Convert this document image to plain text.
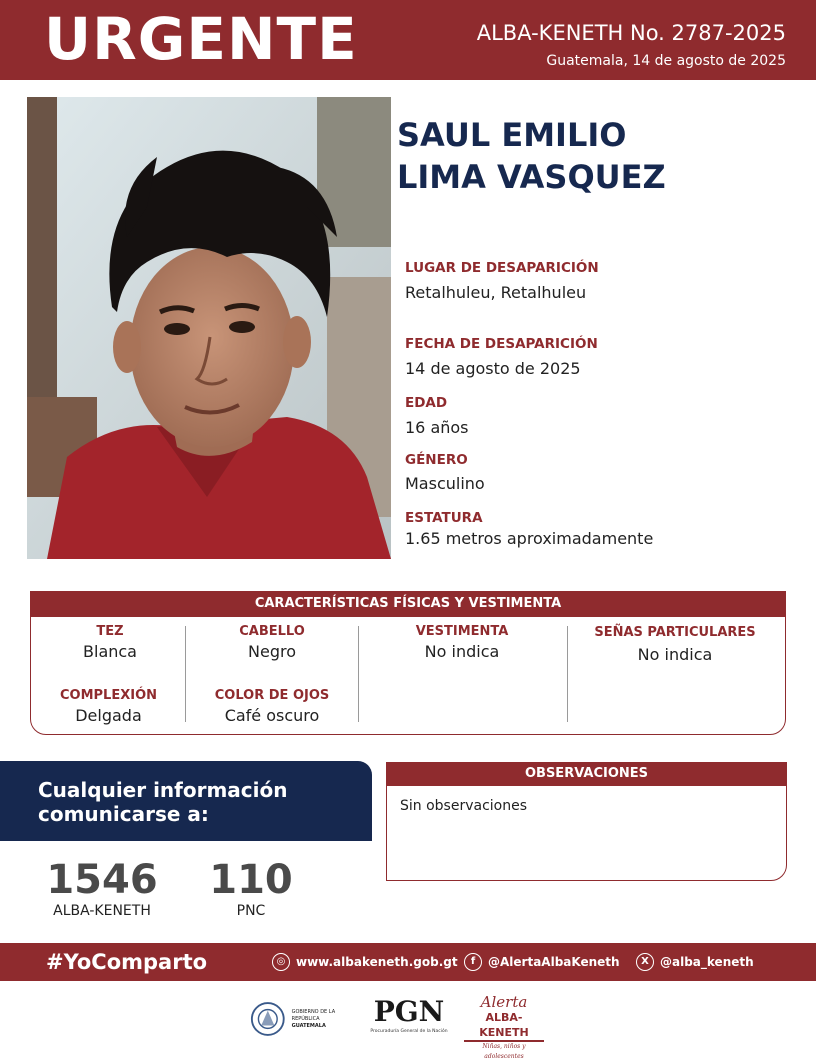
URGENTE	ALBA-KENETH No. 2787-2025
Guatemala, 14 de agosto de 2025
SAUL EMILIO
LIMA VASQUEZ
LUGAR DE DESAPARICIÓN
Retalhuleu, Retalhuleu
FECHA DE DESAPARICIÓN
14 de agosto de 2025
EDAD
16 años
GÉNERO
Masculino
ESTATURA
1.65 metros aproximadamente
CARACTERÍSTICAS FÍSICAS Y VESTIMENTA
TEZ
Blanca
CABELLO
Negro
VESTIMENTA
No indica
SEÑAS PARTICULARES
No indica
COMPLEXIÓN
Delgada
COLOR DE OJOS
Café oscuro
Cualquier información
comunicarse a:
1546
ALBA-KENETH
110
PNC
OBSERVACIONES
Sin observaciones
#YoComparto	◎ www.albakeneth.gob.gt	f	@AlertaAlbaKeneth	X @alba_keneth
GOBIERNO DE LA REPÚBLICA
GUATEMALA	PGN
Procuraduría General de la Nación
Alerta
ALBA-KENETH
Niñas, niños y adolescentes
